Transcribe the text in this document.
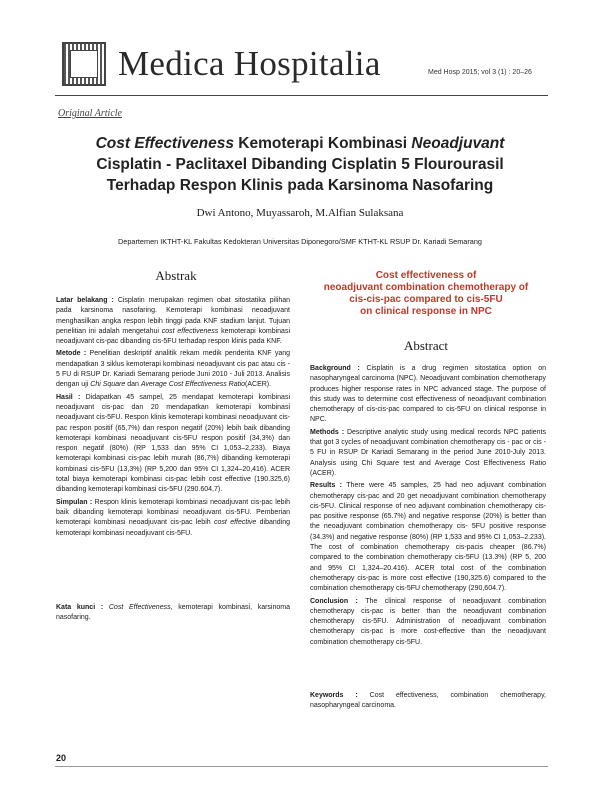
Medica Hospitalia	Med Hosp 2015; vol 3 (1) : 20–26
Original Article
Cost Effectiveness Kemoterapi Kombinasi Neoadjuvant
Cisplatin - Paclitaxel Dibanding Cisplatin 5 Flourourasil Terhadap Respon Klinis pada Karsinoma Nasofaring
Dwi Antono, Muyassaroh, M.Alfian Sulaksana
Departemen IKTHT-KL Fakultas Kedokteran Universitas Diponegoro/SMF KTHT-KL RSUP Dr. Kariadi Semarang
Abstrak

Latar belakang : Cisplatin merupakan regimen obat sitostatika pilihan pada karsinoma nasofaring. Kemoterapi kombinasi neoadjuvant menghasilkan angka respon lebih tinggi pada KNF stadium lanjut. Tujuan penelitian ini adalah mengetahui cost effectiveness kemoterapi kombinasi neoadjuvant cis-pac dibanding cis-5FU terhadap respon klinis pada KNF.

Metode : Penelitian deskriptif analitik rekam medik penderita KNF yang mendapatkan 3 siklus kemoterapi kombinasi neoadjuvant cis pac atau cis - 5 FU di RSUP Dr. Kariadi Semarang periode Juni 2010 - Juli 2013. Analisis dengan uji Chi Square dan Average Cost Effectiveness Ratio(ACER).

Hasil : Didapatkan 45 sampel, 25 mendapat kemoterapi kombinasi neoadjuvant cis-pac dan 20 mendapatkan kemoterapi kombinasi neoadjuvant cis-5FU. Respon klinis kemoterapi kombinasi neoadjuvant cis-pac respon positif (65,7%) dan respon negatif (20%) lebih baik dibanding kemoterapi kombinasi neoadjuvant cis-5FU respon positif (34,3%) dan respon negatif (80%) (RP 1,533 dan 95% CI 1,053–2,233). Biaya kemoterapi kombinasi cis-pac lebih murah (86,7%) dibanding kemoterapi kombinasi cis-5FU (13,3%) (RP 5,200 dan 95% CI 1,324–20,416). ACER total biaya kemoterapi kombinasi cis-pac lebih cost effective (190.325,6) dibanding kemoterapi kombinasi cis-5FU (290.604,7).

Simpulan : Respon klinis kemoterapi kombinasi neoadjuvant cis-pac lebih baik dibanding kemoterapi kombinasi neoadjuvant cis-5FU. Pemberian kemoterapi kombinasi neoadjuvant cis-pac lebih cost effective dibanding kemoterapi kombinasi neoadjuvant cis-5FU.

Kata kunci : Cost Effectiveness, kemoterapi kombinasi, karsinoma nasofaring.
Cost effectiveness of
neoadjuvant combination chemotherapy of
cis-cis-pac compared to cis-5FU
on clinical response in NPC
Abstract

Background : Cisplatin is a drug regimen sitostatica option on nasopharyngeal carcinoma (NPC). Neoadjuvant combination chemotherapy produces higher response rates in NPC advanced stage. The purpose of this study was to determine cost effectiveness of neoadjuvant combination chemotherapy of cis-cis-pac compared to cis-5FU on clinical response in NPC.

Methods : Descriptive analytic study using medical records NPC patients that got 3 cycles of neoadjuvant combination chemotherapy cis - pac or cis - 5 FU in RSUP Dr Kariadi Semarang in the period June 2010-July 2013. Analysis using Chi Square test and Average Cost Effectiveness Ratio (ACER).

Results : There were 45 samples, 25 had neo adjuvant combination chemotherapy cis-pac and 20 get neoadjuvant combination chemotherapy cis-5FU. Clinical response of neo adjuvant combination chemotherapy cis-pac positive response (65.7%) and negative response (20%) is better than the neoadjuvant combination chemotherapy cis- 5FU positive response (34.3%) and negative response (80%) (RP 1,533 and 95% CI 1,053–2.233). The cost of combination chemotherapy cis-pacis cheaper (86.7%) compared to the combination chemotherapy cis-5FU (13.3%) (RP 5, 200 and 95% CI 1,324–20.416). ACER total cost of the combination chemotherapy cis-pac is more cost effective (190,325.6) compared to the combination chemotherapy cis-5FU chemotherapy (290,604.7).

Conclusion : The clinical response of neoadjuvant combination chemotherapy cis-pac is better than the neoadjuvant combination chemotherapy cis-5FU. Administration of neoadjuvant combination chemotherapy cis-pac is more cost-effective than the neoadjuvant combination chemotherapy cis-5FU.

Keywords : Cost effectiveness, combination chemotherapy, nasopharyngeal carcinoma.
20
